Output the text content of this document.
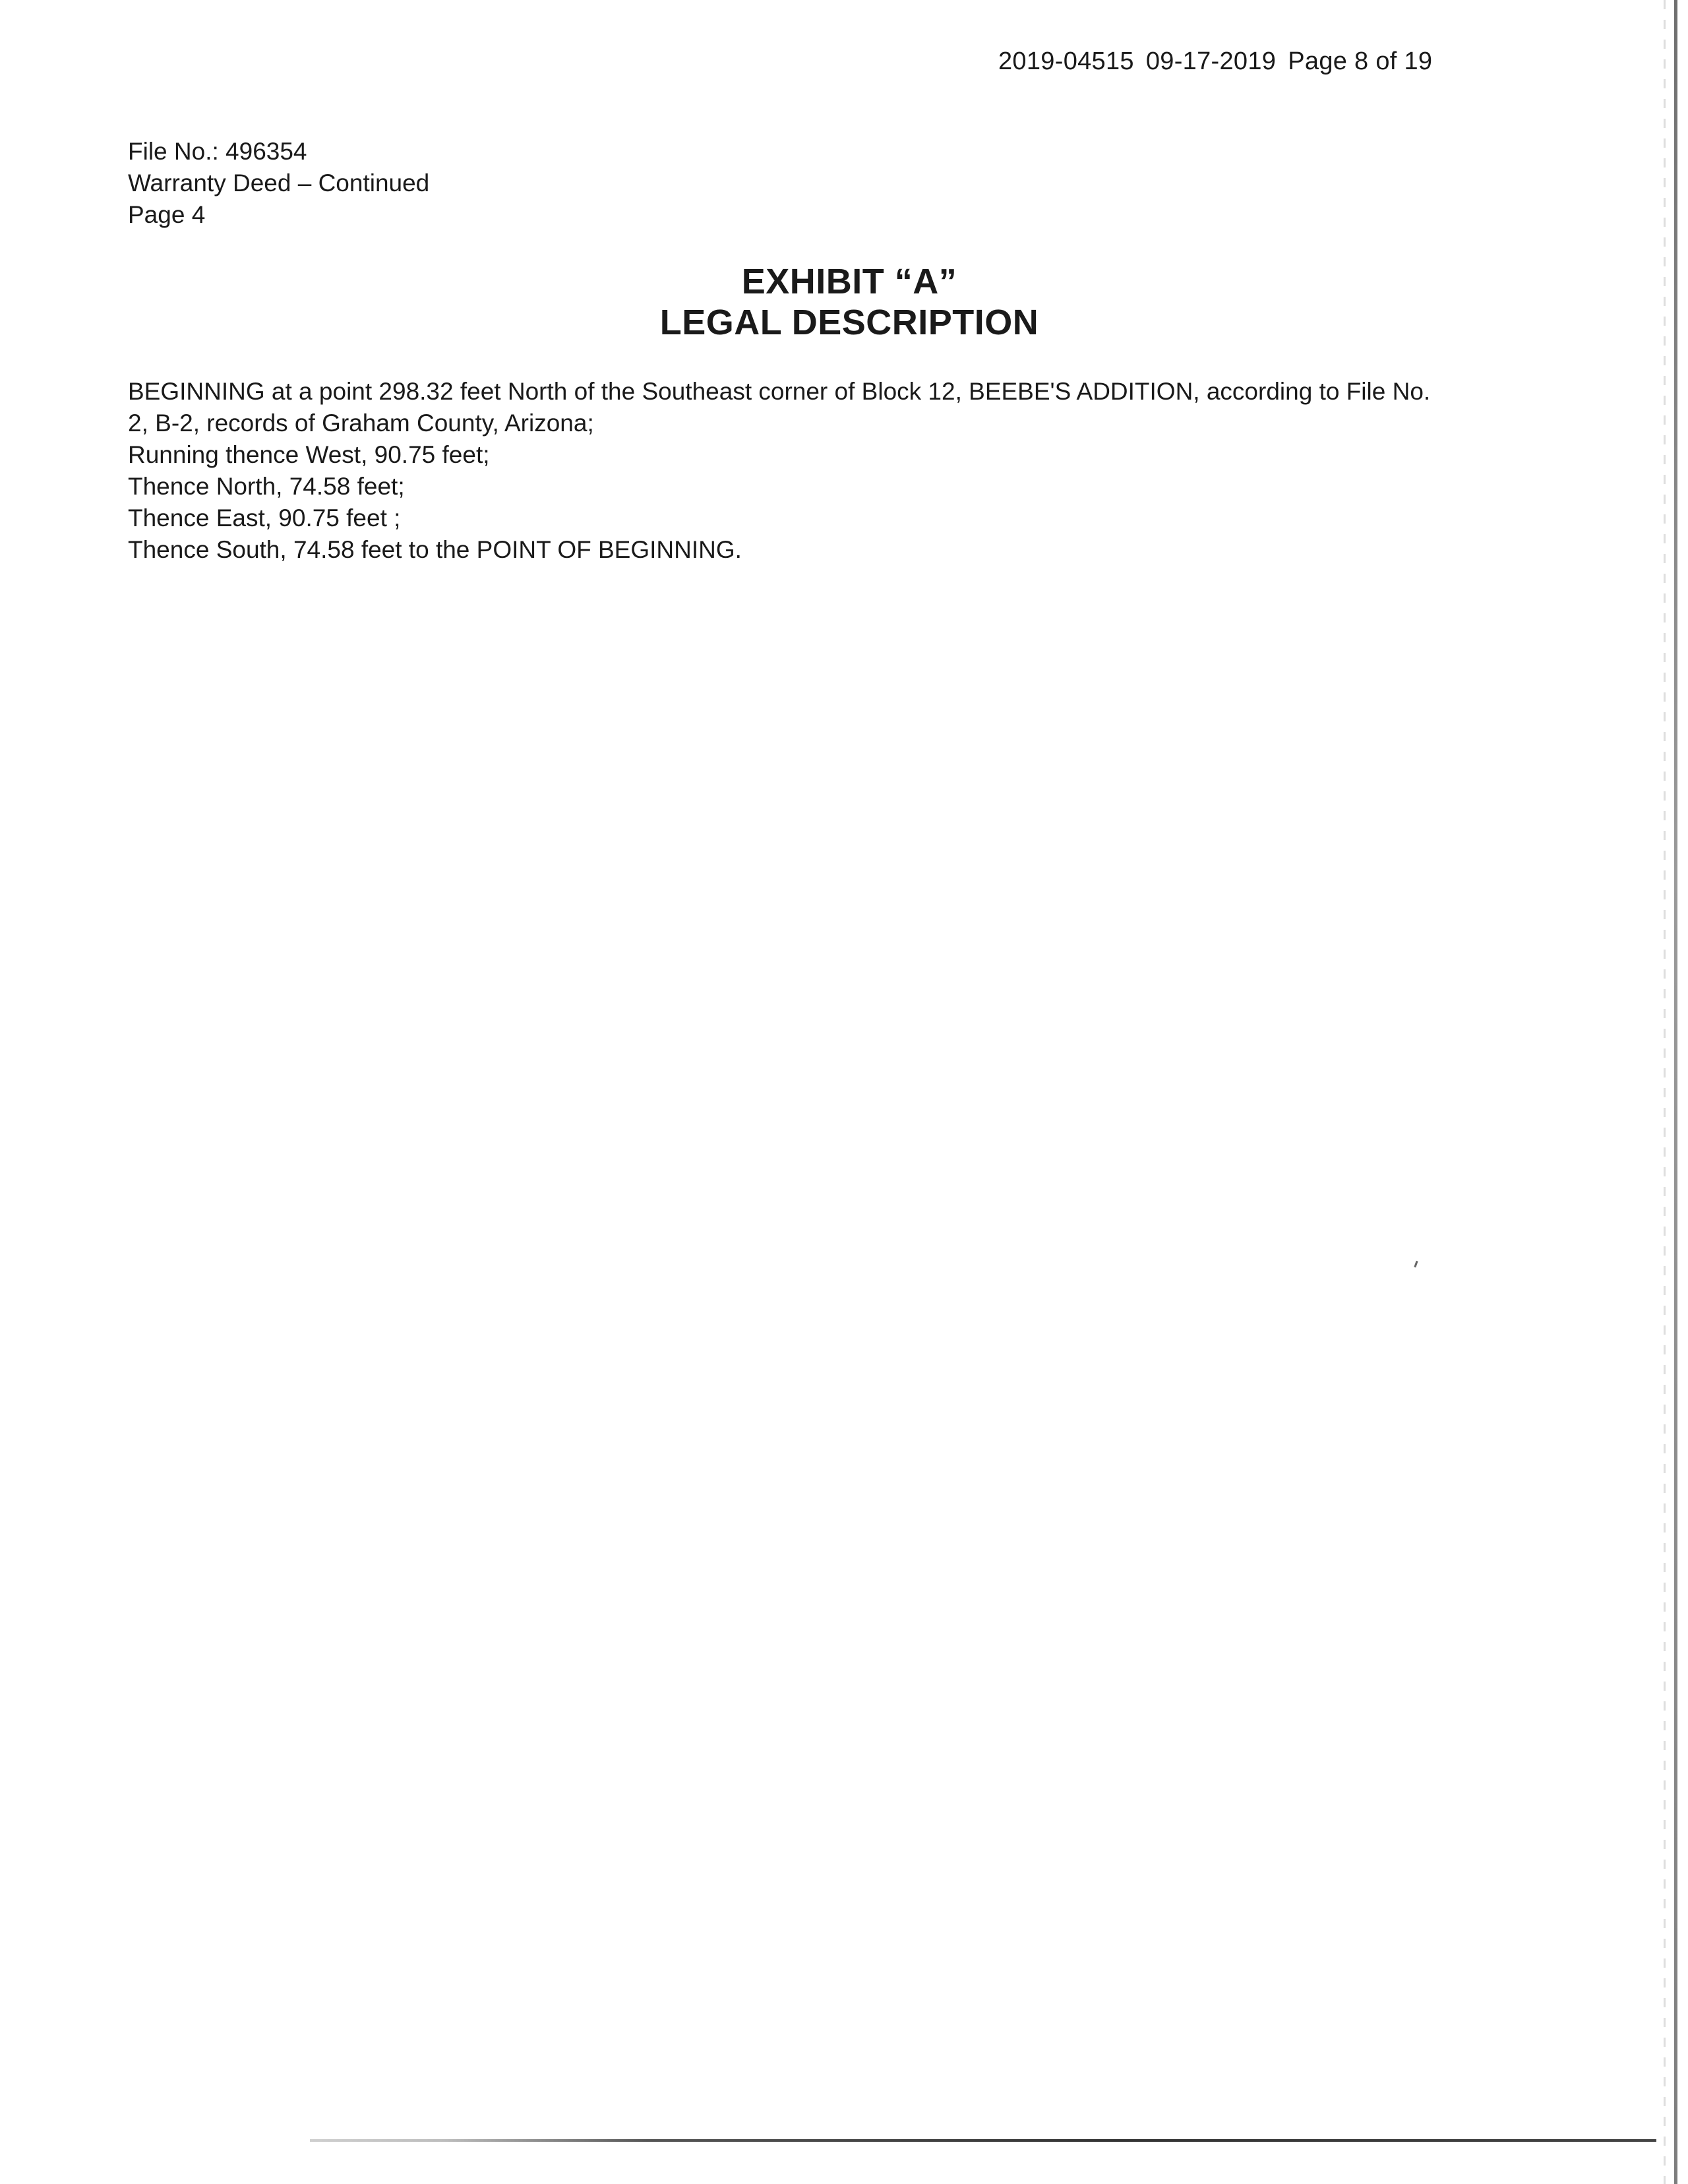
2019-04515 09-17-2019 Page 8 of 19
File No.: 496354
Warranty Deed – Continued
Page 4
EXHIBIT “A”
LEGAL DESCRIPTION
BEGINNING at a point 298.32 feet North of the Southeast corner of Block 12, BEEBE'S ADDITION, according to File No.
2, B-2, records of Graham County, Arizona;
Running thence West, 90.75 feet;
Thence North, 74.58 feet;
Thence East, 90.75 feet ;
Thence South, 74.58 feet to the POINT OF BEGINNING.
